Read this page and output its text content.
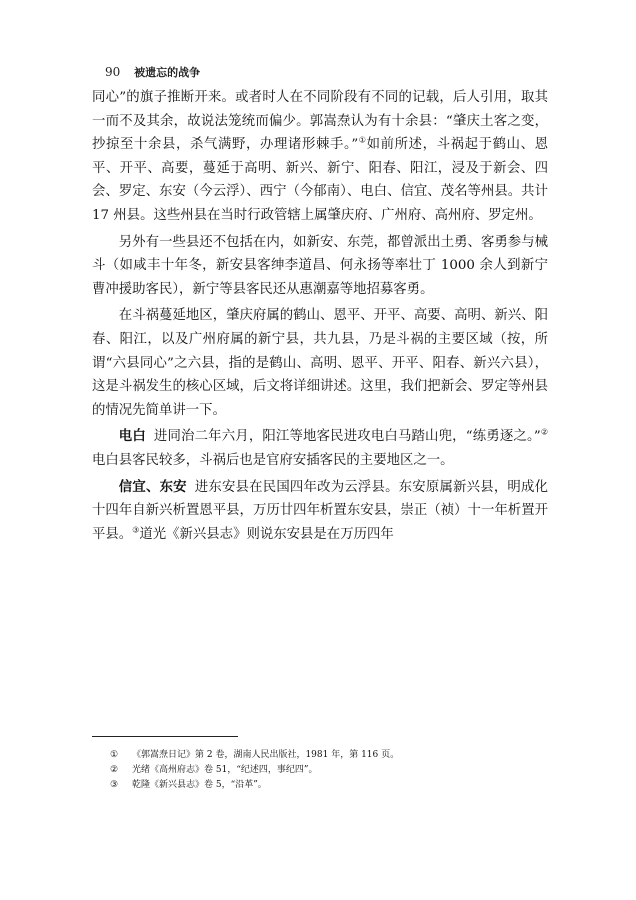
90 被遗忘的战争

同心”的旗子推断开来。或者时人在不同阶段有不同的记载，后人引用，取其一而不及其余，故说法笼统而偏少。郭嵩焘认为有十余县：“肇庆土客之变，抄掠至十余县，杀气满野，办理诸形棘手。”①如前所述，斗祸起于鹤山、恩平、开平、高要，蔓延于高明、新兴、新宁、阳春、阳江，浸及于新会、四会、罗定、东安（今云浮）、西宁（今郁南）、电白、信宜、茂名等州县。共计 17 州县。这些州县在当时行政管辖上属肇庆府、广州府、高州府、罗定州。

另外有一些县还不包括在内，如新安、东莞，都曾派出土勇、客勇参与械斗（如咸丰十年冬，新安县客绅李道昌、何永扬等率壮丁 1000 余人到新宁曹冲援助客民），新宁等县客民还从惠潮嘉等地招募客勇。

在斗祸蔓延地区，肇庆府属的鹤山、恩平、开平、高要、高明、新兴、阳春、阳江，以及广州府属的新宁县，共九县，乃是斗祸的主要区域（按，所谓“六县同心”之六县，指的是鹤山、高明、恩平、开平、阳春、新兴六县），这是斗祸发生的核心区域，后文将详细讲述。这里，我们把新会、罗定等州县的情况先简单讲一下。

电白 进同治二年六月，阳江等地客民进攻电白马踏山兜，“练勇逐之。”②电白县客民较多，斗祸后也是官府安插客民的主要地区之一。

信宜、东安 进东安县在民国四年改为云浮县。东安原属新兴县，明成化十四年自新兴析置恩平县，万历廿四年析置东安县，崇正（祯）十一年析置开平县。③道光《新兴县志》则说东安县是在万历四年

① 《郭嵩焘日记》第 2 卷，湖南人民出版社，1981 年，第 116 页。
② 光绪《高州府志》卷 51，“纪述四，事纪四”。
③ 乾隆《新兴县志》卷 5，“沿革”。
